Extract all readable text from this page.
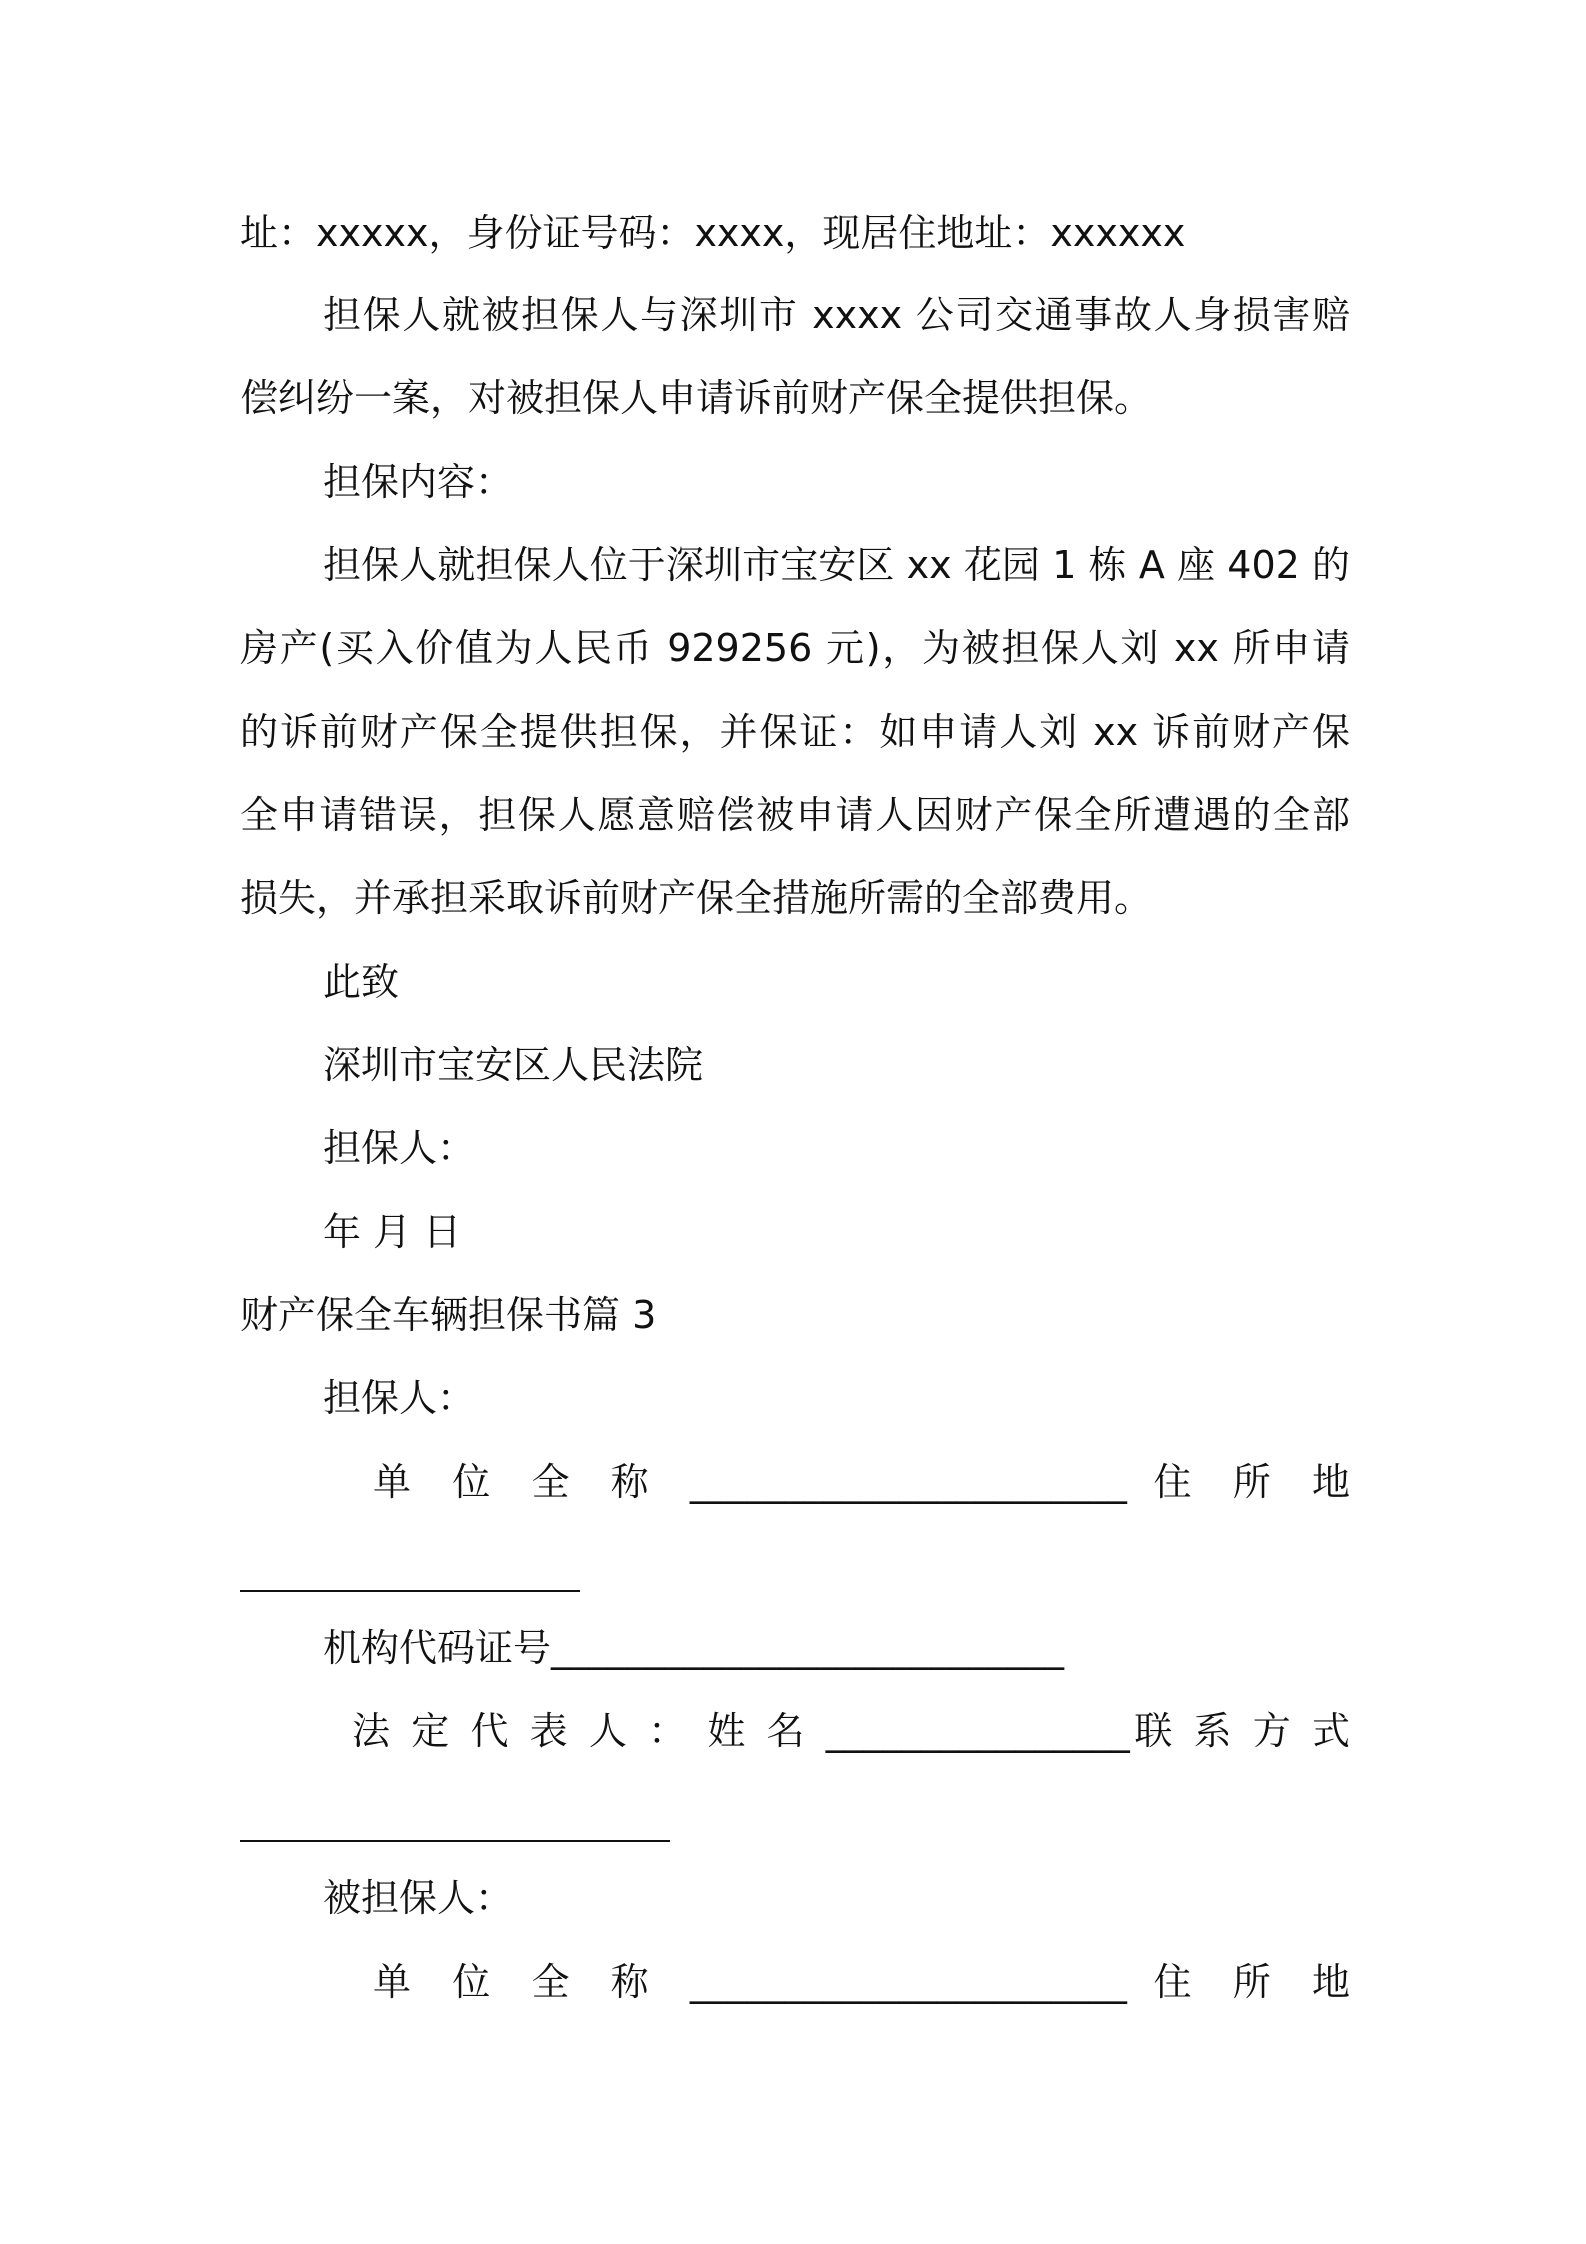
址：xxxxx，身份证号码：xxxx，现居住地址：xxxxxx
担保人就被担保人与深圳市 xxxx 公司交通事故人身损害赔
偿纠纷一案，对被担保人申请诉前财产保全提供担保。
担保内容：
担保人就担保人位于深圳市宝安区 xx 花园 1 栋 A 座 402 的
房产(买入价值为人民币 929256 元)，为被担保人刘 xx 所申请
的诉前财产保全提供担保，并保证：如申请人刘 xx 诉前财产保
全申请错误，担保人愿意赔偿被申请人因财产保全所遭遇的全部
损失，并承担采取诉前财产保全措施所需的全部费用。
此致
深圳市宝安区人民法院
担保人：
年 月 日
财产保全车辆担保书篇 3
担保人：
单 位 全 称 _______________________ 住 所 地
机构代码证号___________________________
法 定 代 表 人 ： 姓 名 ________________联 系 方 式
被担保人：
单 位 全 称 _______________________ 住 所 地
